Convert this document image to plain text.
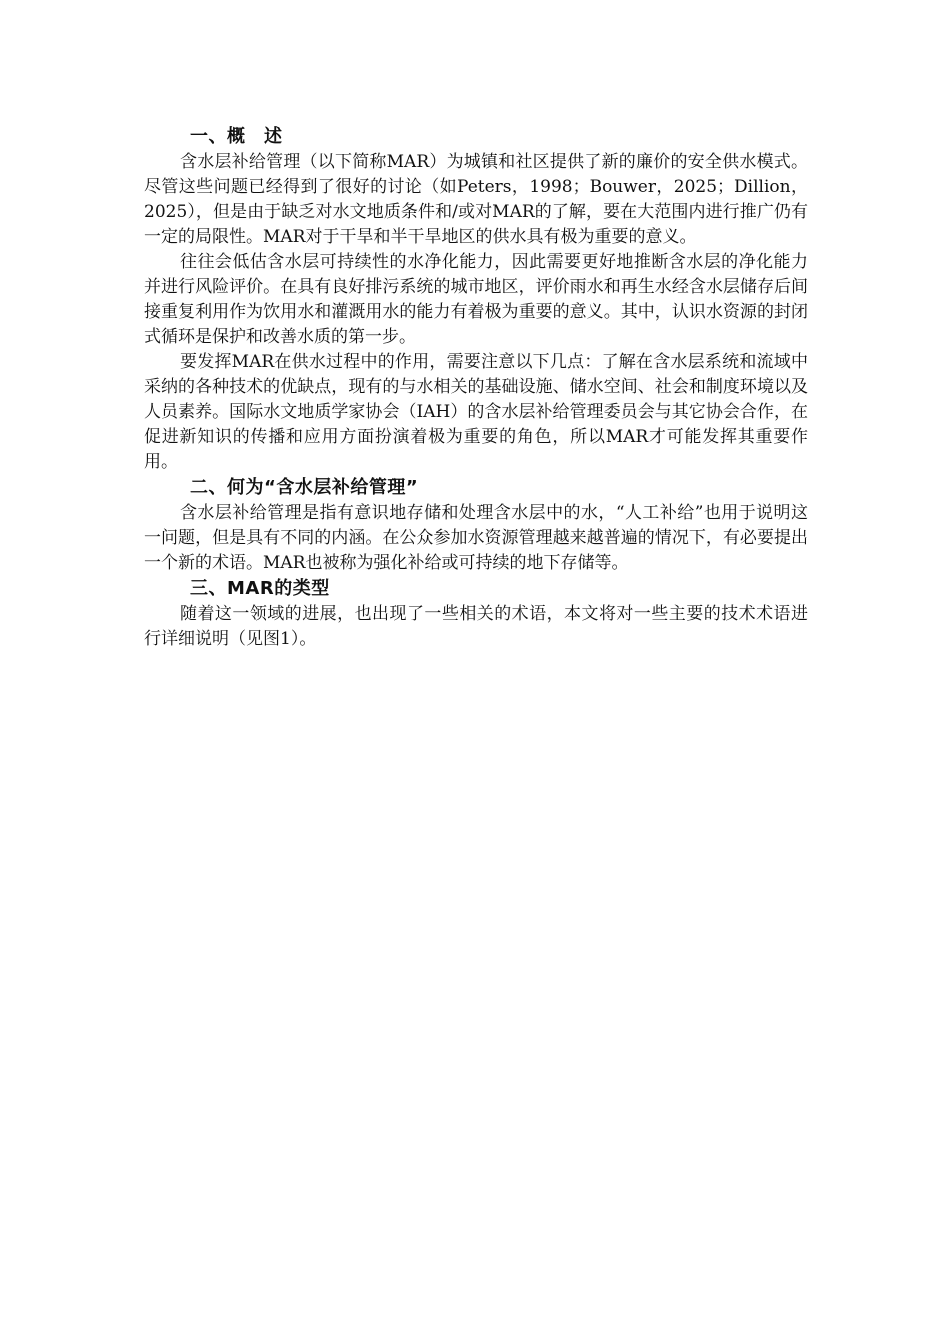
一、概　述

含水层补给管理（以下简称MAR）为城镇和社区提供了新的廉价的安全供水模式。尽管这些问题已经得到了很好的讨论（如Peters，1998；Bouwer，2025；Dillion，2025），但是由于缺乏对水文地质条件和/或对MAR的了解，要在大范围内进行推广仍有一定的局限性。MAR对于干旱和半干旱地区的供水具有极为重要的意义。

往往会低估含水层可持续性的水净化能力，因此需要更好地推断含水层的净化能力并进行风险评价。在具有良好排污系统的城市地区，评价雨水和再生水经含水层储存后间接重复利用作为饮用水和灌溉用水的能力有着极为重要的意义。其中，认识水资源的封闭式循环是保护和改善水质的第一步。

要发挥MAR在供水过程中的作用，需要注意以下几点：了解在含水层系统和流域中采纳的各种技术的优缺点，现有的与水相关的基础设施、储水空间、社会和制度环境以及人员素养。国际水文地质学家协会（IAH）的含水层补给管理委员会与其它协会合作，在促进新知识的传播和应用方面扮演着极为重要的角色，所以MAR才可能发挥其重要作用。

二、何为“含水层补给管理”

含水层补给管理是指有意识地存储和处理含水层中的水，“人工补给”也用于说明这一问题，但是具有不同的内涵。在公众参加水资源管理越来越普遍的情况下，有必要提出一个新的术语。MAR也被称为强化补给或可持续的地下存储等。

三、MAR的类型

随着这一领域的进展，也出现了一些相关的术语，本文将对一些主要的技术术语进行详细说明（见图1）。
